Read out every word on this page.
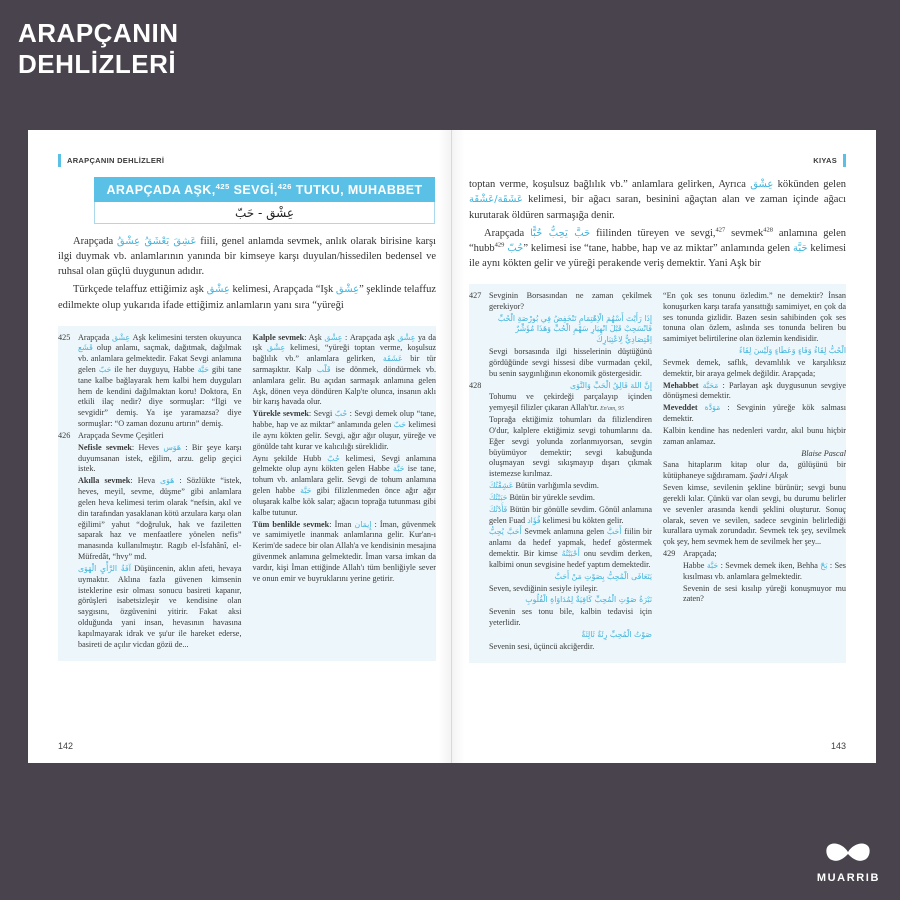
ARAPÇANIN
DEHLİZLERİ
ARAPÇANIN DEHLİZLERİ
ARAPÇADA AŞK,$^{425}$ SEVGİ,$^{426}$ TUTKU, MUHABBET
عِشْق - حَبّ
Arapçada عَشِقَ يَعْشَقُ عِشْقُ fiili, genel anlamda sevmek, anlık olarak birisine karşı ilgi duymak vb. anlamlarının yanında bir kimseye karşı duyulan/hissedilen bedensel ve ruhsal olan güçlü duygunun adıdır.
Türkçede telaffuz ettiğimiz aşk عِشْق kelimesi, Arapçada “Işk عِشْق” şeklinde telaffuz edilmekte olup yukarıda ifade ettiğimiz anlamların yanı sıra “yüreği
425 Arapçada عِشْق Aşk kelimesini tersten okuyunca قَشَع olup anlamı, saçmak, dağıtmak, dağılmak vb. anlamlara gelmektedir. Fakat Sevgi anlamına gelen حَبّ ile her duyguyu, Habbe حَبَّة gibi tane tane kalbe bağlayarak hem kalbi hem duyguları hem de kendini dağılmaktan koru! Doktora, En etkili ilaç nedir? diye sormuşlar: “İlgi ve sevgidir” demiş. Ya işe yaramazsa? diye sormuşlar: “O zaman dozunu artırın” demiş.
426 Arapçada Sevme Çeşitleri
Nefisle sevmek: Heves هَوَس : Bir şeye karşı duyumsanan istek, eğilim, arzu. gelip geçici istek.
Akılla sevmek: Heva هَوَى : Sözlükte “istek, heves, meyil, sevme, düşme” gibi anlamlara gelen heva kelimesi terim olarak “nefsin, akıl ve din tarafından yasaklanan kötü arzulara karşı olan eğilimi” yahut “doğruluk, hak ve faziletten saparak haz ve menfaatlere yönelen nefis” manasında kullanılmıştır. Ragıb el-İsfahânî, el-Müfredât, “hvy” md.
آفَةُ الرَّأْيِ الْهَوَى Düşüncenin, aklın afeti, hevaya uymaktır. Aklına fazla güvenen kimsenin isteklerine esir olması sonucu basireti kapanır, görüşleri isabetsizleşir ve kendisine olan saygısını, özgüvenini yitirir. Fakat aksi olduğunda yani insan, hevasının havasına kapılmayarak idrak ve şu'ur ile hareket ederse, basireti de açılır vicdan gözü de...
Kalple sevmek: Aşk عِشْق : Arapçada aşk عِشْق ya da ışk عِشْق kelimesi, “yüreği toptan verme, koşulsuz bağlılık vb.” anlamlara gelirken, عَشَقَة bir tür sarmaşıktır. Kalp قَلْب ise dönmek, döndürmek vb. anlamlara gelir. Bu açıdan sarmaşık anlamına gelen Aşk, dönen veya döndüren Kalp'te olunca, insanın aklı bir karış havada olur.
Yürekle sevmek: Sevgi حُبّ : Sevgi demek olup “tane, habbe, hap ve az miktar” anlamında gelen حَبّ kelimesi ile aynı kökten gelir. Sevgi, ağır ağır oluşur, yüreğe ve gönülde taht kurar ve kalıcılığı süreklidir.
Aynı şekilde Hubb حُبّ kelimesi, Sevgi anlamına gelmekte olup aynı kökten gelen Habbe حَبَّة ise tane, tohum vb. anlamlara gelir. Sevgi de tohum anlamına gelen habbe حَبَّة gibi filizlenmeden önce ağır ağır oluşarak kalbe kök salar; ağacın toprağa tutunması gibi kalbe tutunur.
Tüm benlikle sevmek: İman إِيمَان : İman, güvenmek ve samimiyetle inanmak anlamlarına gelir. Kur'an-ı Kerim'de sadece bir olan Allah'a ve kendisinin mesajına güvenmek anlamına gelmektedir. İman varsa imkan da vardır, kişi İman ettiğinde Allah'ı tüm benliğiyle sever ve onun emir ve buyruklarını yerine getirir.
142
KIYAS
toptan verme, koşulsuz bağlılık vb.” anlamlara gelirken, Ayrıca عِشْق kökünden gelen عَشَقَة/عَشْقَة kelimesi, bir ağacı saran, besinini ağaçtan alan ve zaman içinde ağacı kurutarak öldüren sarmaşığa denir.
Arapçada حَبَّ يَحِبُّ حُبًّا fiilinden türeyen ve sevgi,$^{427}$ sevmek$^{428}$ anlamına gelen “hubb$^{429}$ حُبّ” kelimesi ise “tane, habbe, hap ve az miktar” anlamında gelen حَبَّة kelimesi ile aynı kökten gelir ve yüreği perakende veriş demektir. Yani Aşk bir
427 Sevginin Borsasından ne zaman çekilmek gerekiyor?
إِذَا رَأَيْتَ أَسْهُمَ الْاِهْتِمَامِ تَنْخَفِضُ فِي بُورْصَةِ الْحُبِّ فَانْسَحِبْ قَبْلَ انْهِيَارِ سَهْمِ الْحُبِّ وَهَذَا مُؤَشِّرٌ اِقْتِصَادِيٌّ لِاعْتِبَارِكَ
Sevgi borsasında ilgi hisselerinin düştüğünü gördüğünde sevgi hissesi dibe vurmadan çekil, bu senin saygınlığının ekonomik göstergesidir.
428	إِنَّ اللهَ فَالِقُ الْحَبِّ وَالنَّوَى
Tohumu ve çekirdeği parçalayıp içinden yemyeşil filizler çıkaran Allah'tır. En'am, 95
Toprağa ektiğimiz tohumları da filizlendiren O'dur, kalplere ektiğimiz sevgi tohumlarını da. Eğer sevgi yolunda zorlanmıyorsan, sevgin büyümüyor demektir; sevgi kabuğunda oluşmayan sevgi sıkışmayıp dışarı çıkmak istemezse kırılmaz.
عَشِقْتُكَ Bütün varlığımla sevdim.
حَبَبْتُكَ Bütün bir yürekle sevdim.
فَأَدْتُكَ Bütün bir gönülle sevdim. Gönül anlamına gelen Fuad فُؤَاد kelimesi bu kökten gelir.
أَحَبَّ يُحِبُّ Sevmek anlamına gelen أَحَبَّ fiilin bir anlamı da hedef yapmak, hedef göstermek demektir. Bir kimse أَحْبَبْتُهُ onu sevdim derken, kalbimi onun sevgisine hedef yaptım demektedir.
يَتَعَافَى الْمُحِبُّ بِصَوْتِ مَنْ أَحَبَّ
Seven, sevdiğinin sesiyle iyileşir.
نَبْرَةُ صَوْتِ الْمُحِبِّ كَافِيَةٌ لِمُدَاوَاةِ الْقُلُوبِ
Sevenin ses tonu bile, kalbin tedavisi için yeterlidir.
صَوْتُ الْمُحِبِّ رِئَةٌ ثَالِثَةٌ
Sevenin sesi, üçüncü akciğerdir.
“En çok ses tonunu özledim.” ne demektir? İnsan konuşurken karşı tarafa yansıttığı samimiyet, en çok da ses tonunda gizlidir. Bazen sesin sahibinden çok ses tonuna olan özlem, aslında ses tonunda beliren bu samimiyet belirtilerine olan özlemin kendisidir.
الْحُبُّ لِقَاءُ وَفَاءٍ وَعَطَاءٍ وَلَيْسَ لِقَاءً
Sevmek demek, saflık, devamlılık ve karşılıksız demektir, bir araya gelmek değildir. Arapçada;
Mehabbet مَحَبَّة : Parlayan aşk duygusunun sevgiye dönüşmesi demektir.
Meveddet مَوَدَّة : Sevginin yüreğe kök salması demektir.
Kalbin kendine has nedenleri vardır, akıl bunu hiçbir zaman anlamaz.
Blaise Pascal
Sana hitaplarım kitap olur da, gülüşünü bir kütüphaneye sığdıramam. Şadri Alışık
Seven kimse, sevilenin şekline bürünür; sevgi bunu gerekli kılar. Çünkü var olan sevgi, bu durumu belirler ve sevenler arasında kendi şeklini oluşturur. Sonuç olarak, seven ve sevilen, sadece sevginin belirlediği kurallara uymak zorundadır. Sevmek tek şey, sevilmek çok şey, hem sevmek hem de sevilmek her şey...
429 Arapçada;
Habbe حَبَّة : Sevmek demek iken, Behha بَحّ : Ses kısılması vb. anlamlara gelmektedir.
Sevenin de sesi kısılıp yüreği konuşmuyor mu zaten?
143
MUARRIB
